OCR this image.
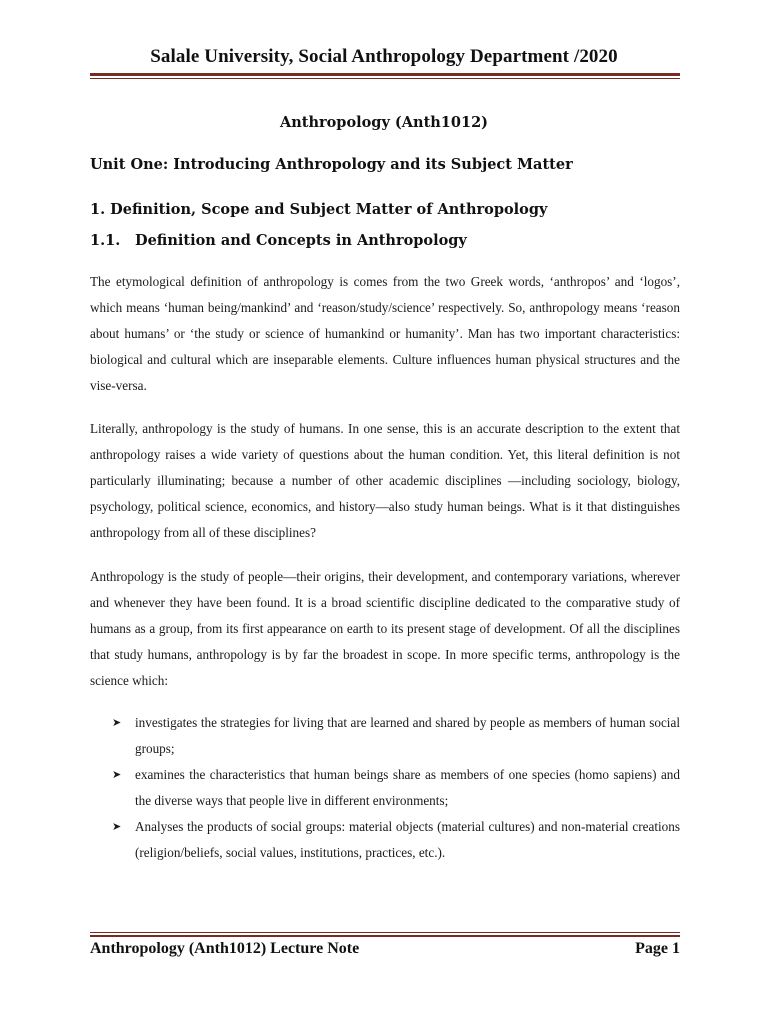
Salale University, Social Anthropology Department /2020
Anthropology (Anth1012)
Unit One: Introducing Anthropology and its Subject Matter
1. Definition, Scope and Subject Matter of Anthropology
1.1.	Definition and Concepts in Anthropology

The etymological definition of anthropology is comes from the two Greek words, ‘anthropos’ and ‘logos’, which means ‘human being/mankind’ and ‘reason/study/science’ respectively. So, anthropology means ‘reason about humans’ or ‘the study or science of humankind or humanity’. Man has two important characteristics: biological and cultural which are inseparable elements. Culture influences human physical structures and the vise-versa.

Literally, anthropology is the study of humans. In one sense, this is an accurate description to the extent that anthropology raises a wide variety of questions about the human condition. Yet, this literal definition is not particularly illuminating; because a number of other academic disciplines —including sociology, biology, psychology, political science, economics, and history—also study human beings. What is it that distinguishes anthropology from all of these disciplines?

Anthropology is the study of people—their origins, their development, and contemporary variations, wherever and whenever they have been found. It is a broad scientific discipline dedicated to the comparative study of humans as a group, from its first appearance on earth to its present stage of development. Of all the disciplines that study humans, anthropology is by far the broadest in scope. In more specific terms, anthropology is the science which:

➤ investigates the strategies for living that are learned and shared by people as members of human social groups;
➤ examines the characteristics that human beings share as members of one species (homo sapiens) and the diverse ways that people live in different environments;
➤ Analyses the products of social groups: material objects (material cultures) and non-material creations (religion/beliefs, social values, institutions, practices, etc.).
Anthropology (Anth1012) Lecture Note	Page 1
